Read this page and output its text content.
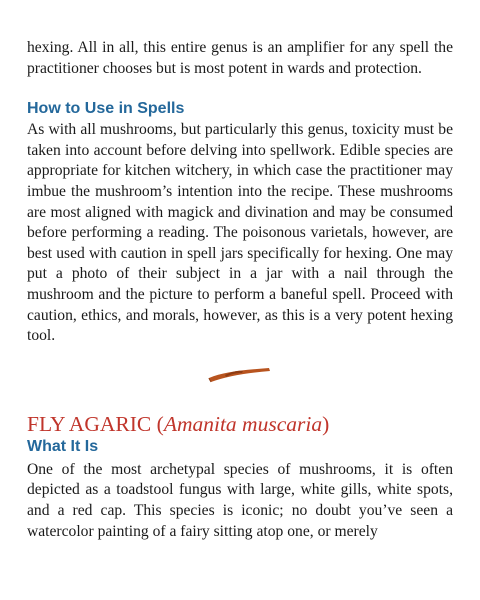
hexing. All in all, this entire genus is an amplifier for any spell the practitioner chooses but is most potent in wards and protection.

How to Use in Spells

As with all mushrooms, but particularly this genus, toxicity must be taken into account before delving into spellwork. Edible species are appropriate for kitchen witchery, in which case the practitioner may imbue the mushroom’s intention into the recipe. These mushrooms are most aligned with magick and divination and may be consumed before performing a reading. The poisonous varietals, however, are best used with caution in spell jars specifically for hexing. One may put a photo of their subject in a jar with a nail through the mushroom and the picture to perform a baneful spell. Proceed with caution, ethics, and morals, however, as this is a very potent hexing tool.

FLY AGARIC (Amanita muscaria)
What It Is

One of the most archetypal species of mushrooms, it is often depicted as a toadstool fungus with large, white gills, white spots, and a red cap. This species is iconic; no doubt you’ve seen a watercolor painting of a fairy sitting atop one, or merely
